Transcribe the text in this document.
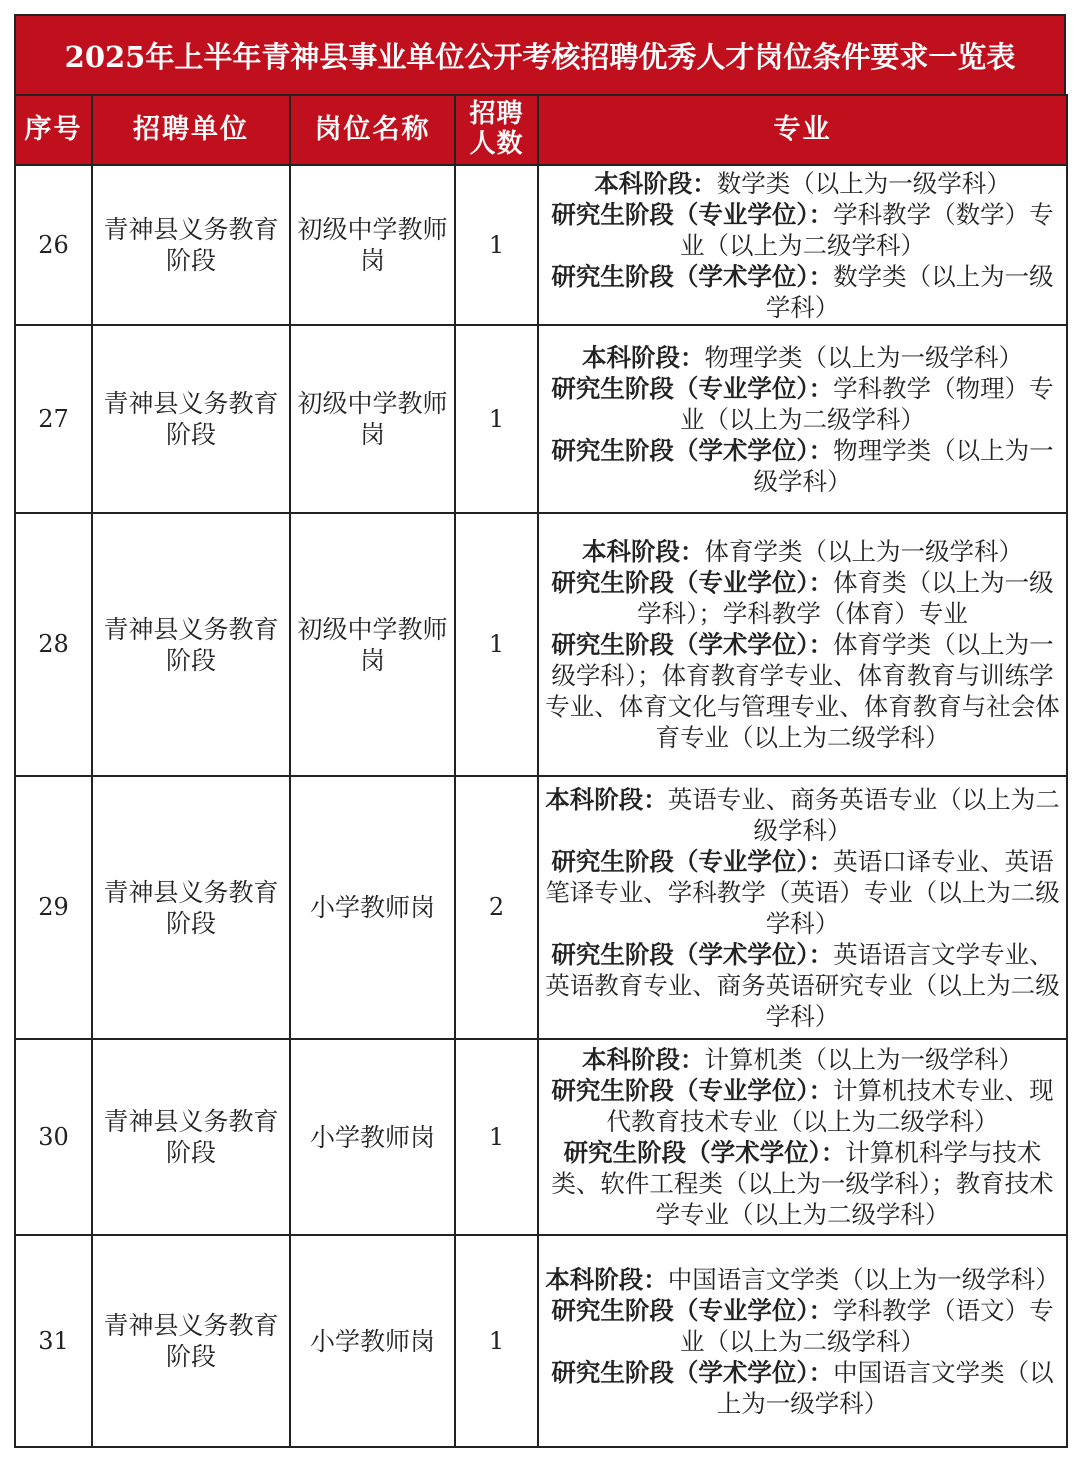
2025年上半年青神县事业单位公开考核招聘优秀人才岗位条件要求一览表
序号	招聘单位	岗位名称	招聘人数	专业
26	青神县义务教育阶段	初级中学教师岗	1	本科阶段：数学类（以上为一级学科）
研究生阶段（专业学位）：学科教学（数学）专业（以上为二级学科）
研究生阶段（学术学位）：数学类（以上为一级学科）

27	青神县义务教育阶段	初级中学教师岗	1	本科阶段：物理学类（以上为一级学科）
研究生阶段（专业学位）：学科教学（物理）专业（以上为二级学科）
研究生阶段（学术学位）：物理学类（以上为一级学科）

28	青神县义务教育阶段	初级中学教师岗	1	本科阶段：体育学类（以上为一级学科）
研究生阶段（专业学位）：体育类（以上为一级学科）；学科教学（体育）专业
研究生阶段（学术学位）：体育学类（以上为一级学科）；体育教育学专业、体育教育与训练学专业、体育文化与管理专业、体育教育与社会体育专业（以上为二级学科）

29	青神县义务教育阶段	小学教师岗	2	本科阶段：英语专业、商务英语专业（以上为二级学科）
研究生阶段（专业学位）：英语口译专业、英语笔译专业、学科教学（英语）专业（以上为二级学科）
研究生阶段（学术学位）：英语语言文学专业、英语教育专业、商务英语研究专业（以上为二级学科）

30	青神县义务教育阶段	小学教师岗	1	本科阶段：计算机类（以上为一级学科）
研究生阶段（专业学位）：计算机技术专业、现代教育技术专业（以上为二级学科）
研究生阶段（学术学位）：计算机科学与技术类、软件工程类（以上为一级学科）；教育技术学专业（以上为二级学科）

31	青神县义务教育阶段	小学教师岗	1	本科阶段：中国语言文学类（以上为一级学科）
研究生阶段（专业学位）：学科教学（语文）专业（以上为二级学科）
研究生阶段（学术学位）：中国语言文学类（以上为一级学科）
